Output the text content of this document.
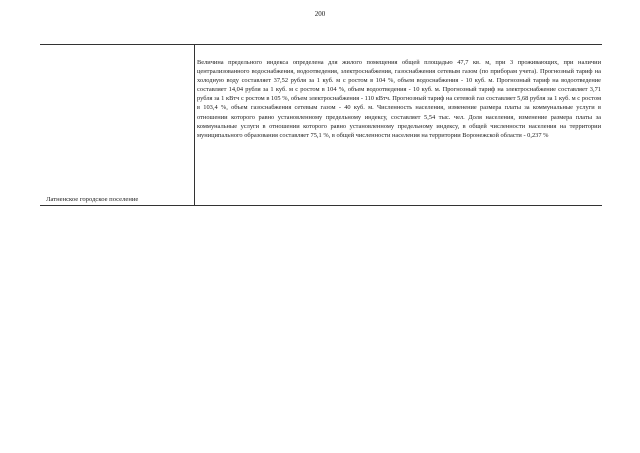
200
Латненское городское поселение

Величина предельного индекса определена для жилого помещения общей площадью 47,7 кв. м, при 3 проживающих, при наличии централизованного водоснабжения, водоотведения, электроснабжения, газоснабжения сетевым газом (по приборам учета). Прогнозный тариф на холодную воду составляет 37,52 рубля за 1 куб. м с ростом в 104 %, объем водоснабжения - 10 куб. м. Прогнозный тариф на водоотведение составляет 14,04 рубля за 1 куб. м с ростом в 104 %, объем водоотведения - 10 куб. м. Прогнозный тариф на электроснабжение составляет 3,71 рубля за 1 кВтч с ростом в 105 %, объем электроснабжения - 110 кВтч. Прогнозный тариф на сетевой газ составляет 5,68 рубля за 1 куб. м с ростом в 103,4 %, объем газоснабжения сетевым газом - 40 куб. м. Численность населения, изменение размера платы за коммунальные услуги в отношении которого равно установленному предельному индексу, составляет 5,54 тыс. чел. Доля населения, изменение размера платы за коммунальные услуги в отношении которого равно установленному предельному индексу, в общей численности населения на территории муниципального образования составляет 75,1 %, в общей численности населения на территории Воронежской области - 0,237 %
